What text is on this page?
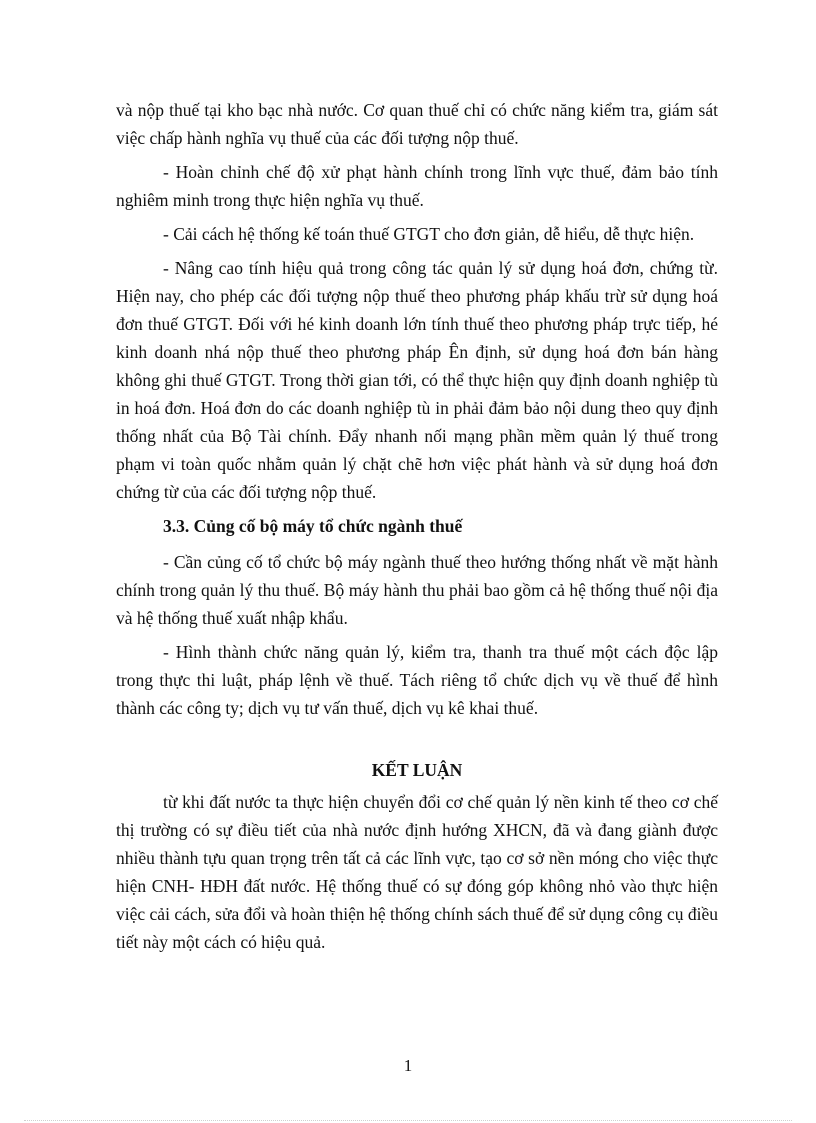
và nộp thuế tại kho bạc nhà nước. Cơ quan thuế chỉ có chức năng kiểm tra, giám sát việc chấp hành nghĩa vụ thuế của các đối tượng nộp thuế.

- Hoàn chỉnh chế độ xử phạt hành chính trong lĩnh vực thuế, đảm bảo tính nghiêm minh trong thực hiện nghĩa vụ thuế.

- Cải cách hệ thống kế toán thuế GTGT cho đơn giản, dễ hiểu, dễ thực hiện.

- Nâng cao tính hiệu quả trong công tác quản lý sử dụng hoá đơn, chứng từ. Hiện nay, cho phép các đối tượng nộp thuế theo phương pháp khấu trừ sử dụng hoá đơn thuế GTGT. Đối với hé kinh doanh lớn tính thuế theo phương pháp trực tiếp, hé kinh doanh nhá nộp thuế theo phương pháp Ên định, sử dụng hoá đơn bán hàng không ghi thuế GTGT. Trong thời gian tới, có thể thực hiện quy định doanh nghiệp tù in hoá đơn. Hoá đơn do các doanh nghiệp tù in phải đảm bảo nội dung theo quy định thống nhất của Bộ Tài chính. Đẩy nhanh nối mạng phần mềm quản lý thuế trong phạm vi toàn quốc nhằm quản lý chặt chẽ hơn việc phát hành và sử dụng hoá đơn chứng từ của các đối tượng nộp thuế.

3.3. Củng cố bộ máy tổ chức ngành thuế

- Cần củng cố tổ chức bộ máy ngành thuế theo hướng thống nhất về mặt hành chính trong quản lý thu thuế. Bộ máy hành thu phải bao gồm cả hệ thống thuế nội địa và hệ thống thuế xuất nhập khẩu.

- Hình thành chức năng quản lý, kiểm tra, thanh tra thuế một cách độc lập trong thực thi luật, pháp lệnh về thuế. Tách riêng tổ chức dịch vụ về thuế để hình thành các công ty; dịch vụ tư vấn thuế, dịch vụ kê khai thuế.

KẾT LUẬN

từ khi đất nước ta thực hiện chuyển đổi cơ chế quản lý nền kinh tế theo cơ chế thị trường có sự điều tiết của nhà nước định hướng XHCN, đã và đang giành được nhiều thành tựu quan trọng trên tất cả các lĩnh vực, tạo cơ sở nền móng cho việc thực hiện CNH- HĐH đất nước. Hệ thống thuế có sự đóng góp không nhỏ vào thực hiện việc cải cách, sửa đổi và hoàn thiện hệ thống chính sách thuế để sử dụng công cụ điều tiết này một cách có hiệu quả.

1
